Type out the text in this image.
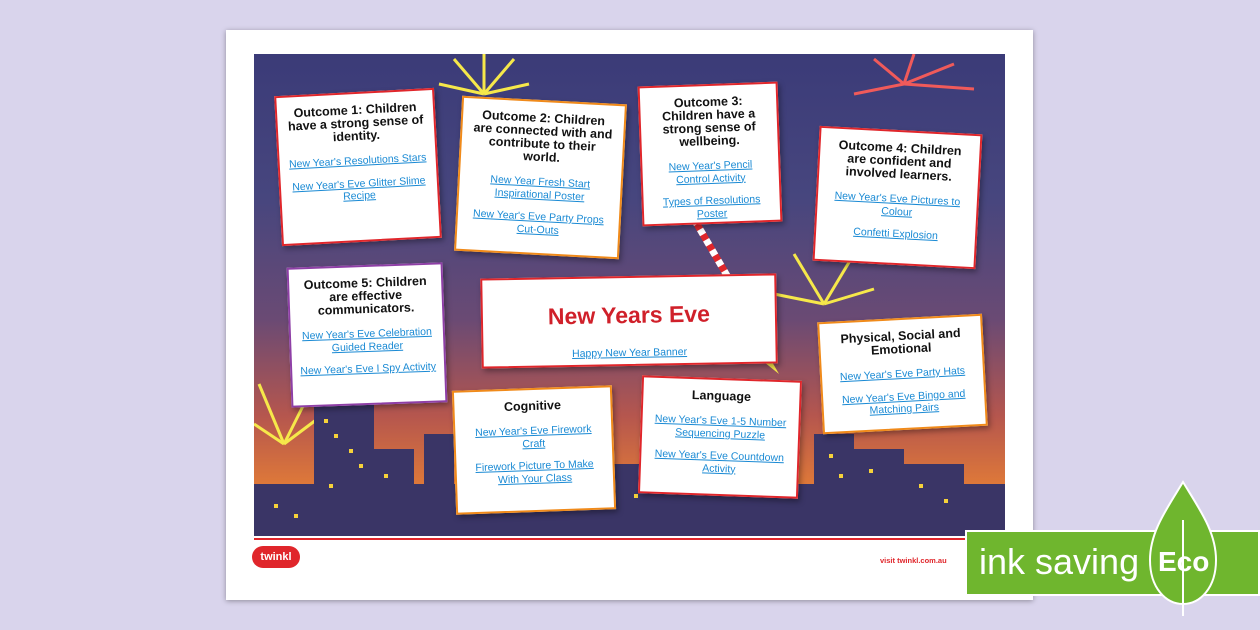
Outcome 1: Children have a strong sense of identity.
New Year's Resolutions Stars
New Year's Eve Glitter Slime Recipe
Outcome 2: Children are connected with and contribute to their world.
New Year Fresh Start Inspirational Poster
New Year's Eve Party Props Cut-Outs
Outcome 3: Children have a strong sense of wellbeing.
New Year's Pencil Control Activity
Types of Resolutions Poster
Outcome 4: Children are confident and involved learners.
New Year's Eve Pictures to Colour
Confetti Explosion
Outcome 5: Children are effective communicators.
New Year's Eve Celebration Guided Reader
New Year's Eve I Spy Activity
New Years Eve
Happy New Year Banner
Physical, Social and Emotional
New Year's Eve Party Hats
New Year's Eve Bingo and Matching Pairs
Cognitive
New Year's Eve Firework Craft
Firework Picture To Make With Your Class
Language
New Year's Eve 1-5 Number Sequencing Puzzle
New Year's Eve Countdown Activity
twinkl	visit twinkl.com.au ink saving Eco
